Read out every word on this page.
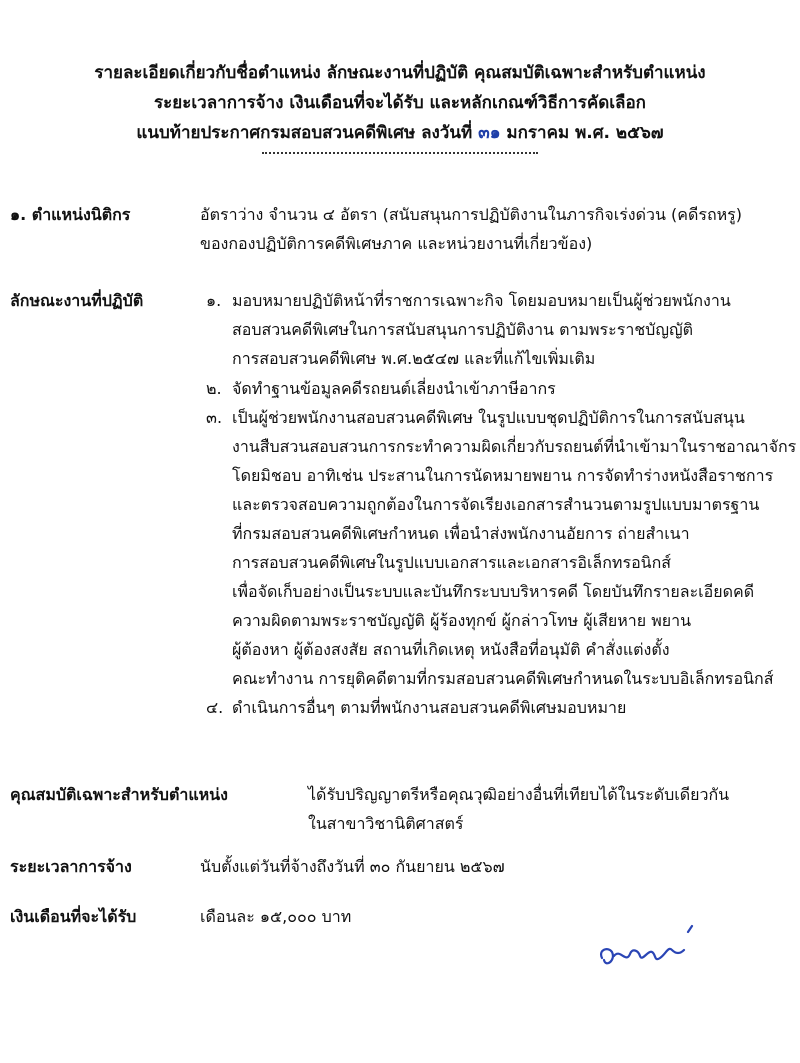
รายละเอียดเกี่ยวกับชื่อตำแหน่ง ลักษณะงานที่ปฏิบัติ คุณสมบัติเฉพาะสำหรับตำแหน่ง
ระยะเวลาการจ้าง เงินเดือนที่จะได้รับ และหลักเกณฑ์วิธีการคัดเลือก
แนบท้ายประกาศกรมสอบสวนคดีพิเศษ ลงวันที่ ๓๑ มกราคม พ.ศ. ๒๕๖๗
๑. ตำแหน่งนิติกร	อัตราว่าง จำนวน ๔ อัตรา (สนับสนุนการปฏิบัติงานในภารกิจเร่งด่วน (คดีรถหรู)
ของกองปฏิบัติการคดีพิเศษภาค และหน่วยงานที่เกี่ยวข้อง)
ลักษณะงานที่ปฏิบัติ	๑. มอบหมายปฏิบัติหน้าที่ราชการเฉพาะกิจ โดยมอบหมายเป็นผู้ช่วยพนักงาน
สอบสวนคดีพิเศษในการสนับสนุนการปฏิบัติงาน ตามพระราชบัญญัติ
การสอบสวนคดีพิเศษ พ.ศ.๒๕๔๗ และที่แก้ไขเพิ่มเติม
๒. จัดทำฐานข้อมูลคดีรถยนต์เลี่ยงนำเข้าภาษีอากร
๓. เป็นผู้ช่วยพนักงานสอบสวนคดีพิเศษ ในรูปแบบชุดปฏิบัติการในการสนับสนุน
งานสืบสวนสอบสวนการกระทำความผิดเกี่ยวกับรถยนต์ที่นำเข้ามาในราชอาณาจักร
โดยมิชอบ อาทิเช่น ประสานในการนัดหมายพยาน การจัดทำร่างหนังสือราชการ
และตรวจสอบความถูกต้องในการจัดเรียงเอกสารสำนวนตามรูปแบบมาตรฐาน
ที่กรมสอบสวนคดีพิเศษกำหนด เพื่อนำส่งพนักงานอัยการ ถ่ายสำเนา
การสอบสวนคดีพิเศษในรูปแบบเอกสารและเอกสารอิเล็กทรอนิกส์
เพื่อจัดเก็บอย่างเป็นระบบและบันทึกระบบบริหารคดี โดยบันทึกรายละเอียดคดี
ความผิดตามพระราชบัญญัติ ผู้ร้องทุกข์ ผู้กล่าวโทษ ผู้เสียหาย พยาน
ผู้ต้องหา ผู้ต้องสงสัย สถานที่เกิดเหตุ หนังสือที่อนุมัติ คำสั่งแต่งตั้ง
คณะทำงาน การยุติคดีตามที่กรมสอบสวนคดีพิเศษกำหนดในระบบอิเล็กทรอนิกส์
๔. ดำเนินการอื่นๆ ตามที่พนักงานสอบสวนคดีพิเศษมอบหมาย
คุณสมบัติเฉพาะสำหรับตำแหน่ง	ได้รับปริญญาตรีหรือคุณวุฒิอย่างอื่นที่เทียบได้ในระดับเดียวกัน
ในสาขาวิชานิติศาสตร์
ระยะเวลาการจ้าง	นับตั้งแต่วันที่จ้างถึงวันที่ ๓๐ กันยายน ๒๕๖๗
เงินเดือนที่จะได้รับ	เดือนละ ๑๕,๐๐๐ บาท
